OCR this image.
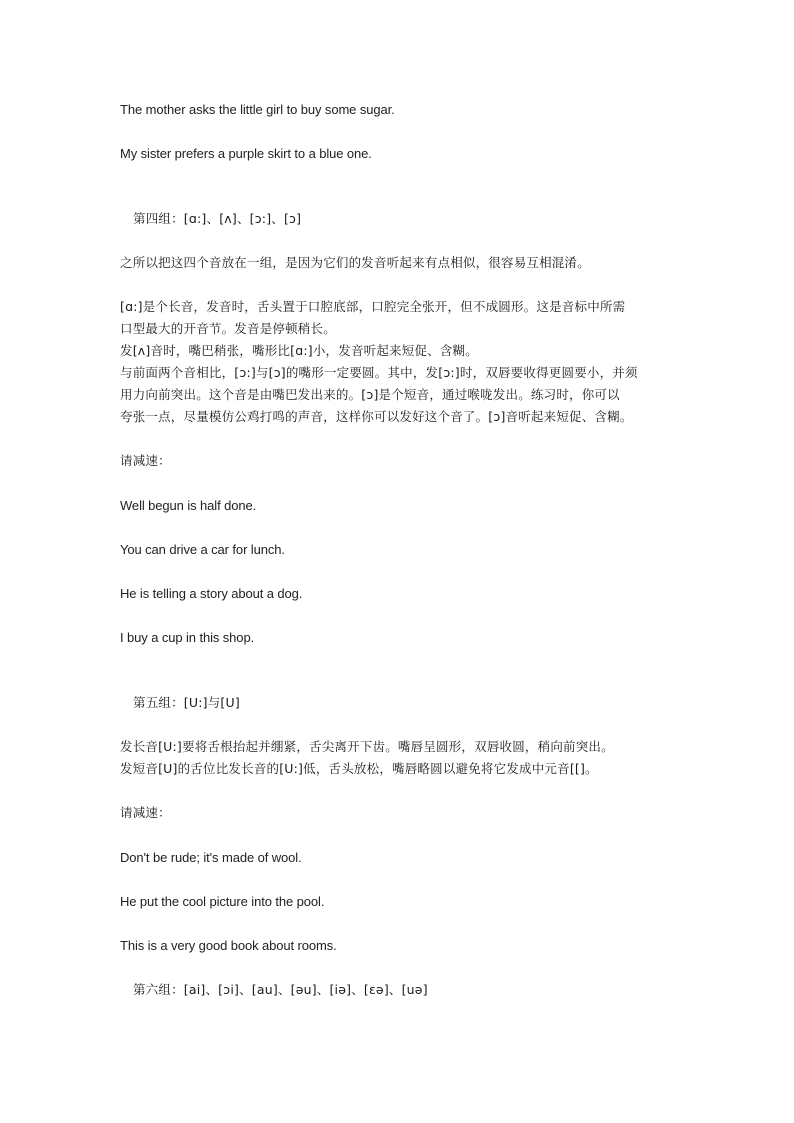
The mother asks the little girl to buy some sugar.
My sister prefers a purple skirt to a blue one.
第四组：[ɑ:]、[ʌ]、[ɔ:]、[ɔ]
之所以把这四个音放在一组，是因为它们的发音听起来有点相似，很容易互相混淆。
[ɑ:]是个长音，发音时，舌头置于口腔底部，口腔完全张开，但不成圆形。这是音标中所需
口型最大的开音节。发音是停顿稍长。
发[ʌ]音时，嘴巴稍张，嘴形比[ɑ:]小，发音听起来短促、含糊。
与前面两个音相比，[ɔ:]与[ɔ]的嘴形一定要圆。其中，发[ɔ:]时，双唇要收得更圆要小，并须
用力向前突出。这个音是由嘴巴发出来的。[ɔ]是个短音，通过喉咙发出。练习时，你可以
夸张一点，尽量模仿公鸡打鸣的声音，这样你可以发好这个音了。[ɔ]音听起来短促、含糊。
请减速：
Well begun is half done.
You can drive a car for lunch.
He is telling a story about a dog.
I buy a cup in this shop.
第五组：[U:]与[U]
发长音[U:]要将舌根抬起并绷紧，舌尖离开下齿。嘴唇呈圆形，双唇收圆，稍向前突出。
发短音[U]的舌位比发长音的[U:]低，舌头放松，嘴唇略圆以避免将它发成中元音[[]。
请减速：
Don't be rude; it's made of wool.
He put the cool picture into the pool.
This is a very good book about rooms.
第六组：[ai]、[ɔi]、[au]、[əu]、[iə]、[ɛə]、[uə]
